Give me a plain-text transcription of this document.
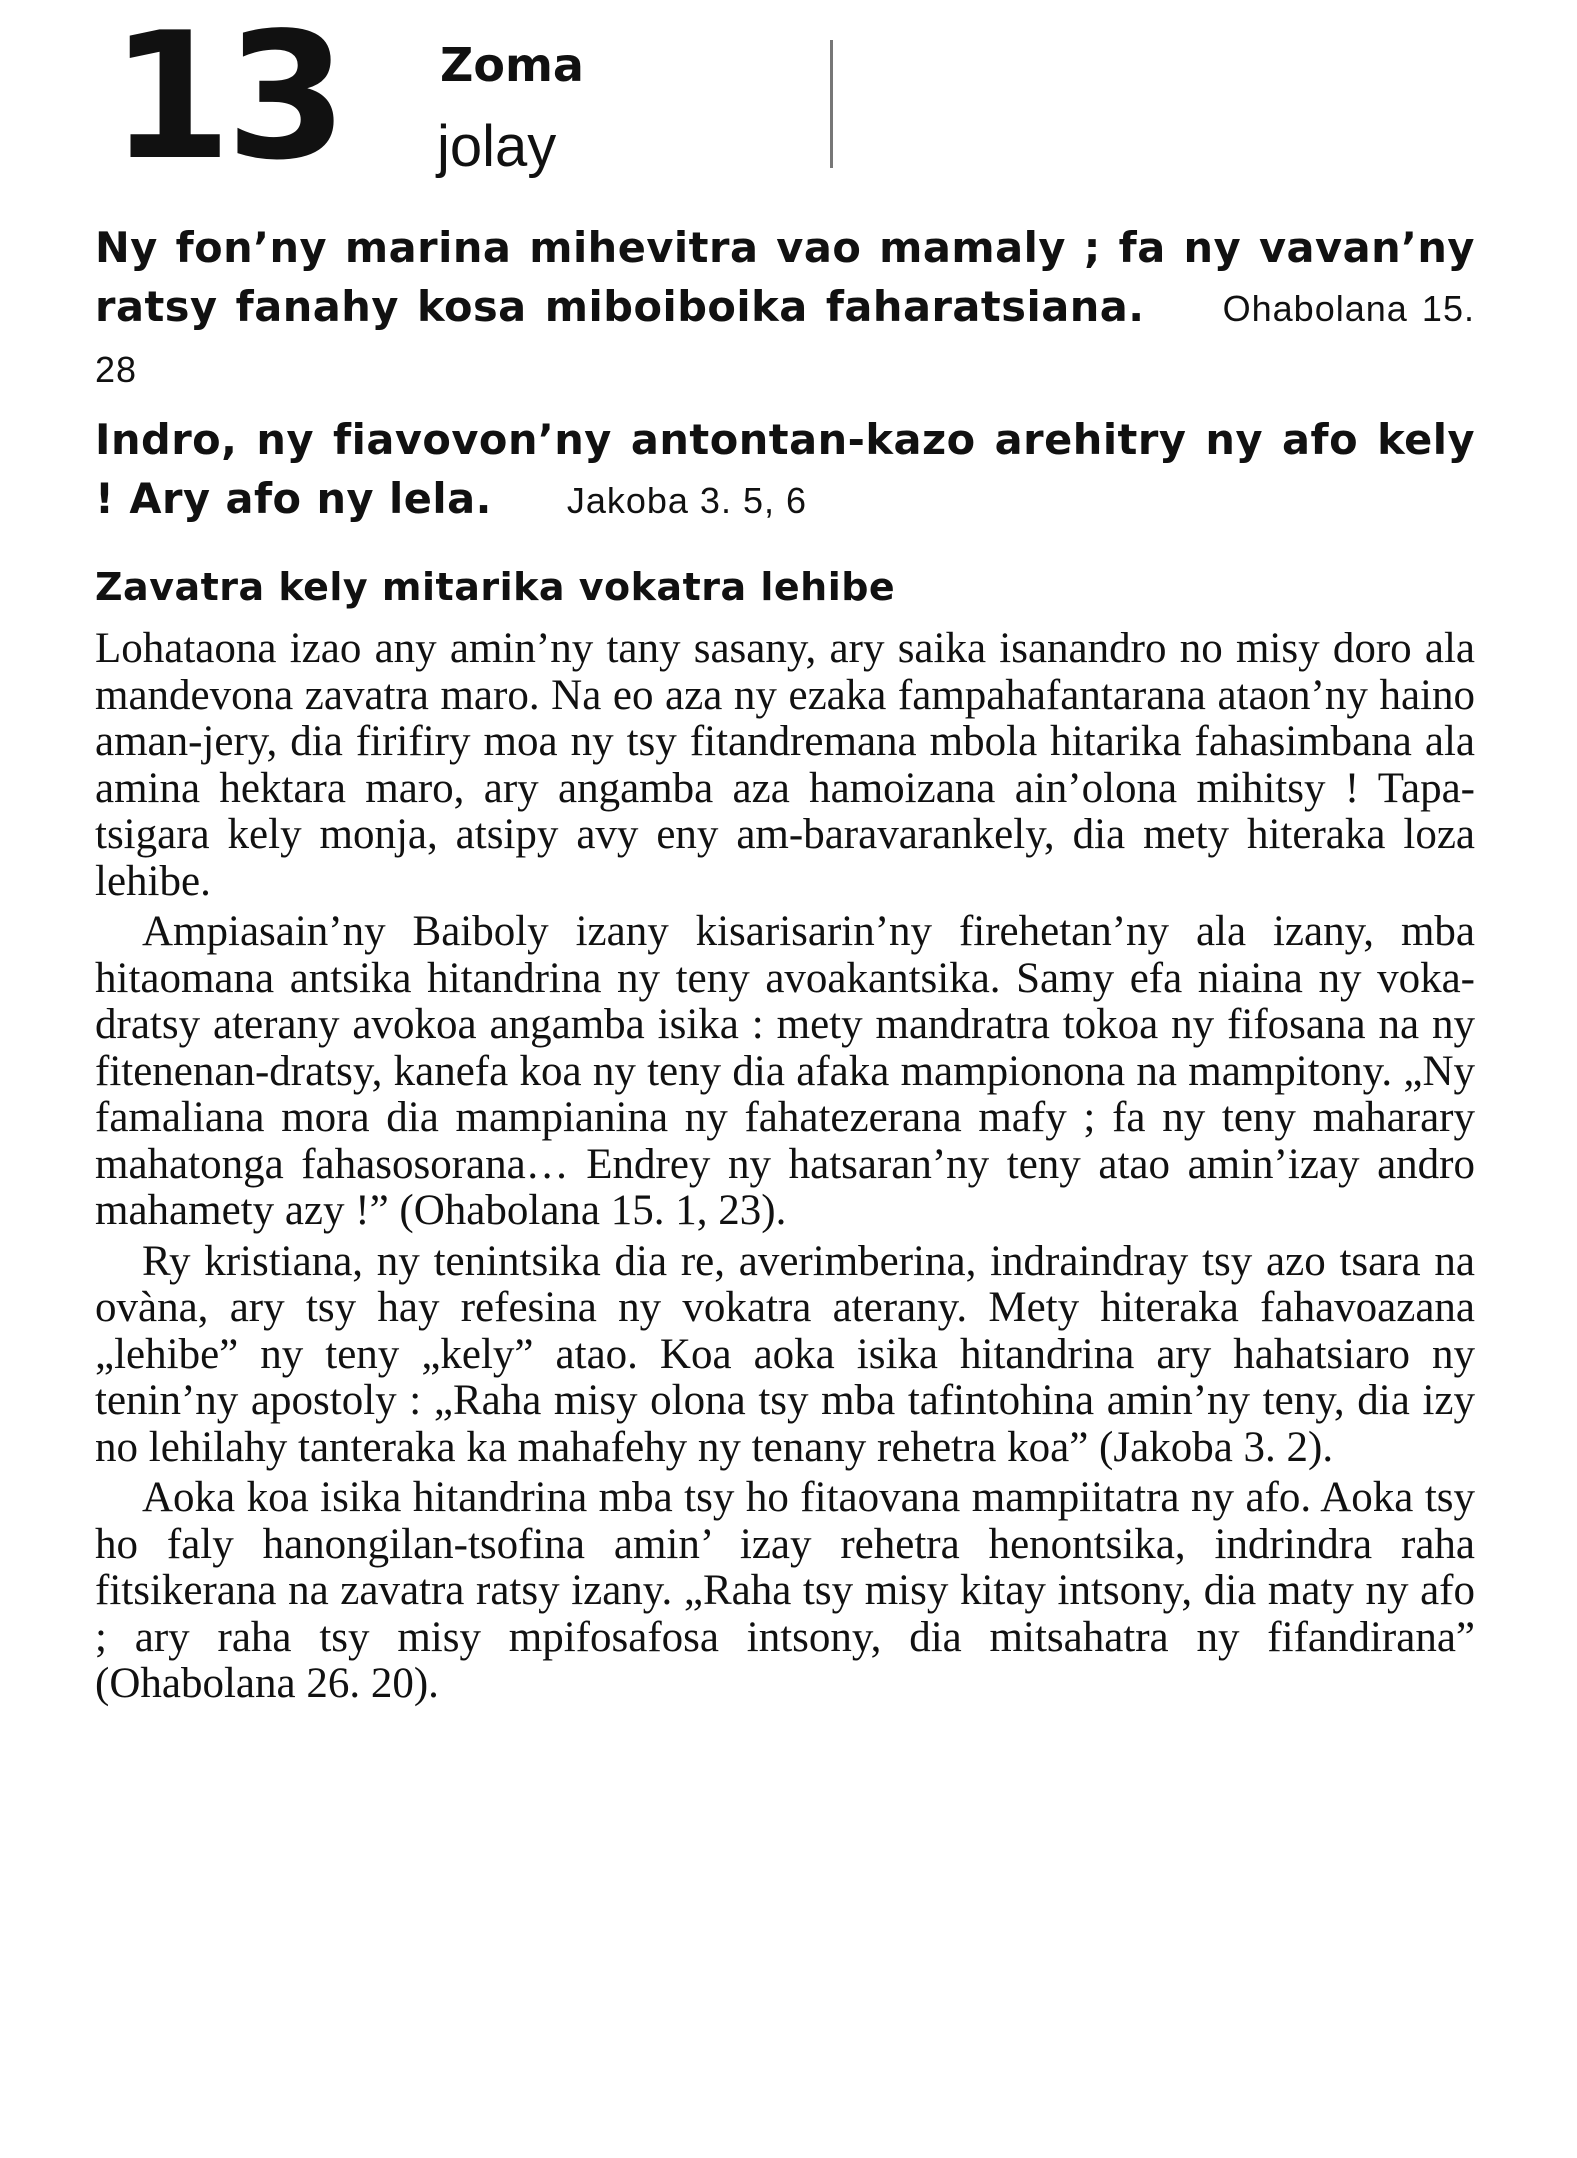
13 Zoma
jolay
Ny fon’ny marina mihevitra vao mamaly ; fa ny vavan’ny ratsy fanahy kosa miboiboika faharatsiana. Ohabolana 15. 28
Indro, ny fiavovon’ny antontan-kazo arehitry ny afo kely ! Ary afo ny lela. Jakoba 3. 5, 6
Zavatra kely mitarika vokatra lehibe

Lohataona izao any amin’ny tany sasany, ary saika isanandro no misy doro ala mandevona zavatra maro. Na eo aza ny ezaka fampahafantarana ataon’ny haino aman-jery, dia firifiry moa ny tsy fitandremana mbola hitarika fahasimbana ala amina hektara maro, ary angamba aza hamoizana ain’olona mihitsy ! Tapa-tsigara kely monja, atsipy avy eny am-baravarankely, dia mety hiteraka loza lehibe.

Ampiasain’ny Baiboly izany kisarisarin’ny firehetan’ny ala izany, mba hitaomana antsika hitandrina ny teny avoakantsika. Samy efa niaina ny voka-dratsy aterany avokoa angamba isika : mety mandratra tokoa ny fifosana na ny fitenenan-dratsy, kanefa koa ny teny dia afaka mampionona na mampitony. „Ny famaliana mora dia mampianina ny fahatezerana mafy ; fa ny teny maharary mahatonga fahasosorana… Endrey ny hatsaran’ny teny atao amin’izay andro mahamety azy !” (Ohabolana 15. 1, 23).

Ry kristiana, ny tenintsika dia re, averimberina, indraindray tsy azo tsara na ovàna, ary tsy hay refesina ny vokatra aterany. Mety hiteraka fahavoazana „lehibe” ny teny „kely” atao. Koa aoka isika hitandrina ary hahatsiaro ny tenin’ny apostoly : „Raha misy olona tsy mba tafintohina amin’ny teny, dia izy no lehilahy tanteraka ka mahafehy ny tenany rehetra koa” (Jakoba 3. 2).

Aoka koa isika hitandrina mba tsy ho fitaovana mampiitatra ny afo. Aoka tsy ho faly hanongilan-tsofina amin’ izay rehetra henontsika, indrindra raha fitsikerana na zavatra ratsy izany. „Raha tsy misy kitay intsony, dia maty ny afo ; ary raha tsy misy mpifosafosa intsony, dia mitsahatra ny fifandirana” (Ohabolana 26. 20).
